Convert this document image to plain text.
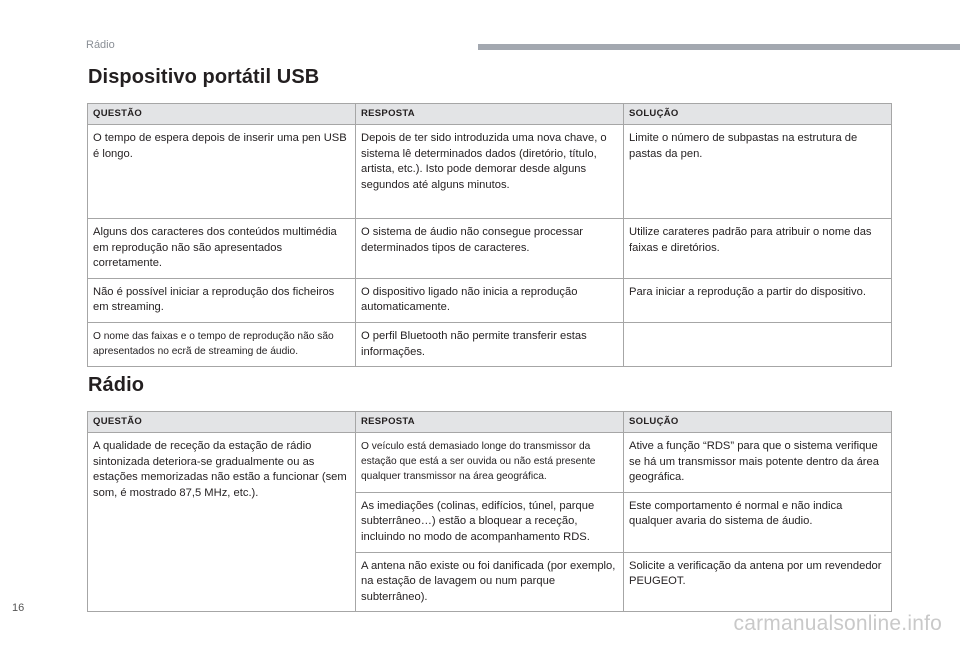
Rádio
Dispositivo portátil USB
QUESTÃO	RESPOSTA	SOLUÇÃO
O tempo de espera depois de inserir uma pen USB é longo.	Depois de ter sido introduzida uma nova chave, o sistema lê determinados dados (diretório, título, artista, etc.). Isto pode demorar desde alguns segundos até alguns minutos.	Limite o número de subpastas na estrutura de pastas da pen.
Alguns dos caracteres dos conteúdos multimédia em reprodução não são apresentados corretamente.	O sistema de áudio não consegue processar determinados tipos de caracteres.	Utilize carateres padrão para atribuir o nome das faixas e diretórios.
Não é possível iniciar a reprodução dos ficheiros em streaming.	O dispositivo ligado não inicia a reprodução automaticamente.	Para iniciar a reprodução a partir do dispositivo.
O nome das faixas e o tempo de reprodução não são apresentados no ecrã de streaming de áudio.	O perfil Bluetooth não permite transferir estas informações.	
Rádio
QUESTÃO	RESPOSTA	SOLUÇÃO
A qualidade de receção da estação de rádio sintonizada deteriora-se gradualmente ou as estações memorizadas não estão a funcionar (sem som, é mostrado 87,5 MHz, etc.).	O veículo está demasiado longe do transmissor da estação que está a ser ouvida ou não está presente qualquer transmissor na área geográfica.	Ative a função “RDS” para que o sistema verifique se há um transmissor mais potente dentro da área geográfica.
	As imediações (colinas, edifícios, túnel, parque subterrâneo…) estão a bloquear a receção, incluindo no modo de acompanhamento RDS.	Este comportamento é normal e não indica qualquer avaria do sistema de áudio.
	A antena não existe ou foi danificada (por exemplo, na estação de lavagem ou num parque subterrâneo).	Solicite a verificação da antena por um revendedor PEUGEOT.
16
carmanualsonline.info
